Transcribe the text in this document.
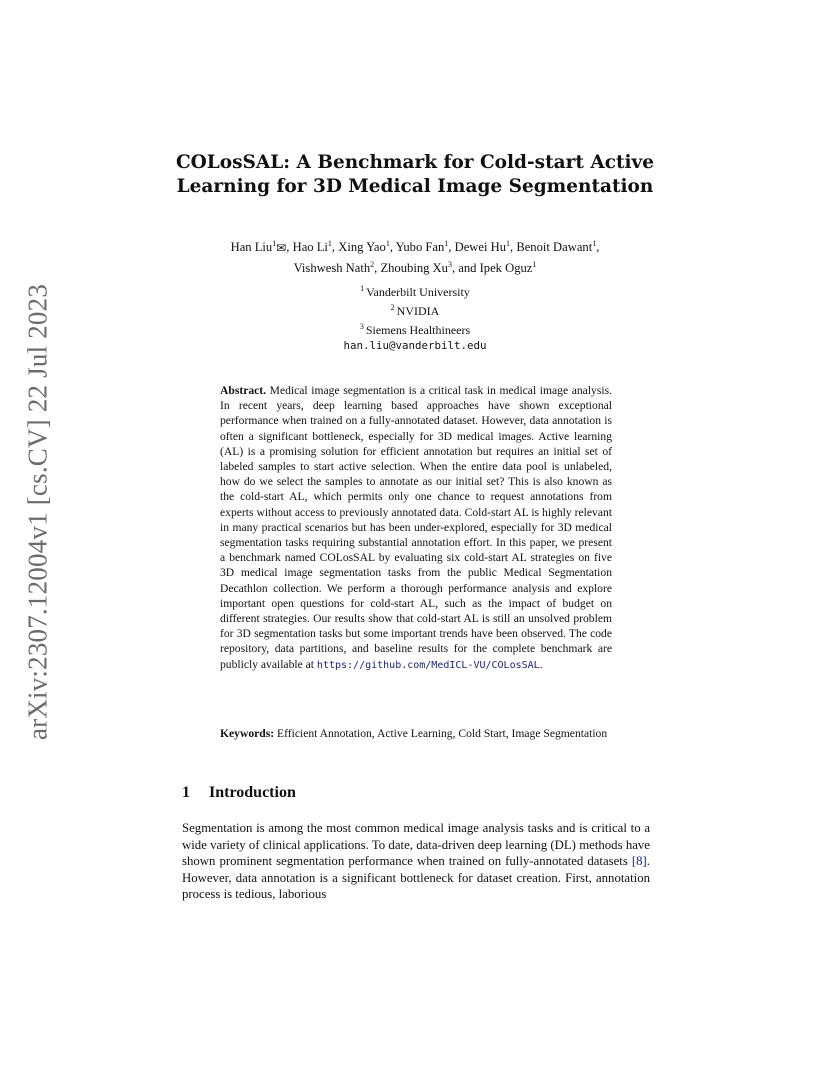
arXiv:2307.12004v1 [cs.CV] 22 Jul 2023
COLosSAL: A Benchmark for Cold-start Active
Learning for 3D Medical Image Segmentation
Han Liu$^1$✉, Hao Li$^1$, Xing Yao$^1$, Yubo Fan$^1$, Dewei Hu$^1$, Benoit Dawant$^1$,
Vishwesh Nath$^2$, Zhoubing Xu$^3$, and Ipek Oguz$^1$
$^1$ Vanderbilt University
$^2$ NVIDIA
$^3$ Siemens Healthineers
han.liu@vanderbilt.edu
Abstract. Medical image segmentation is a critical task in medical image analysis. In recent years, deep learning based approaches have shown exceptional performance when trained on a fully-annotated dataset. However, data annotation is often a significant bottleneck, especially for 3D medical images. Active learning (AL) is a promising solution for efficient annotation but requires an initial set of labeled samples to start active selection. When the entire data pool is unlabeled, how do we select the samples to annotate as our initial set? This is also known as the cold-start AL, which permits only one chance to request annotations from experts without access to previously annotated data. Cold-start AL is highly relevant in many practical scenarios but has been under-explored, especially for 3D medical segmentation tasks requiring substantial annotation effort. In this paper, we present a benchmark named COLosSAL by evaluating six cold-start AL strategies on five 3D medical image segmentation tasks from the public Medical Segmentation Decathlon collection. We perform a thorough performance analysis and explore important open questions for cold-start AL, such as the impact of budget on different strategies. Our results show that cold-start AL is still an unsolved problem for 3D segmentation tasks but some important trends have been observed. The code repository, data partitions, and baseline results for the complete benchmark are publicly available at https://github.com/MedICL-VU/COLosSAL.
Keywords: Efficient Annotation, Active Learning, Cold Start, Image Segmentation
1 Introduction
Segmentation is among the most common medical image analysis tasks and is critical to a wide variety of clinical applications. To date, data-driven deep learning (DL) methods have shown prominent segmentation performance when trained on fully-annotated datasets [8]. However, data annotation is a significant bottleneck for dataset creation. First, annotation process is tedious, laborious
